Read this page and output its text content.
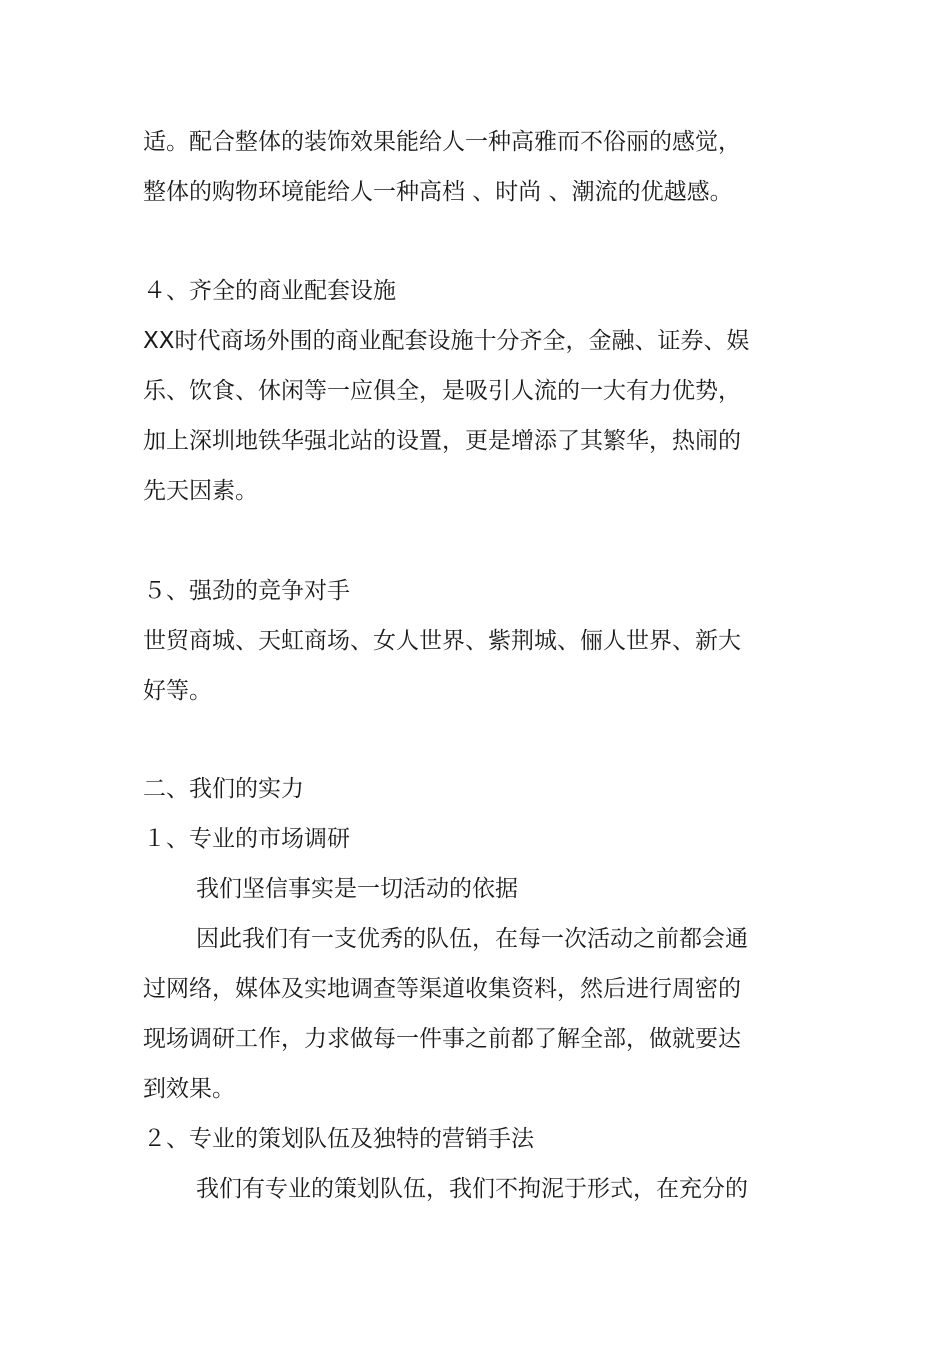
适。配合整体的装饰效果能给人一种高雅而不俗丽的感觉，
整体的购物环境能给人一种高档 、时尚 、潮流的优越感。
４、齐全的商业配套设施
XX时代商场外围的商业配套设施十分齐全，金融、证券、娱
乐、饮食、休闲等一应俱全，是吸引人流的一大有力优势，
加上深圳地铁华强北站的设置，更是增添了其繁华，热闹的
先天因素。
５、强劲的竞争对手
世贸商城、天虹商场、女人世界、紫荆城、俪人世界、新大
好等。
二、我们的实力
１、专业的市场调研
我们坚信事实是一切活动的依据
因此我们有一支优秀的队伍，在每一次活动之前都会通
过网络，媒体及实地调查等渠道收集资料，然后进行周密的
现场调研工作，力求做每一件事之前都了解全部，做就要达
到效果。
２、专业的策划队伍及独特的营销手法
我们有专业的策划队伍，我们不拘泥于形式，在充分的
